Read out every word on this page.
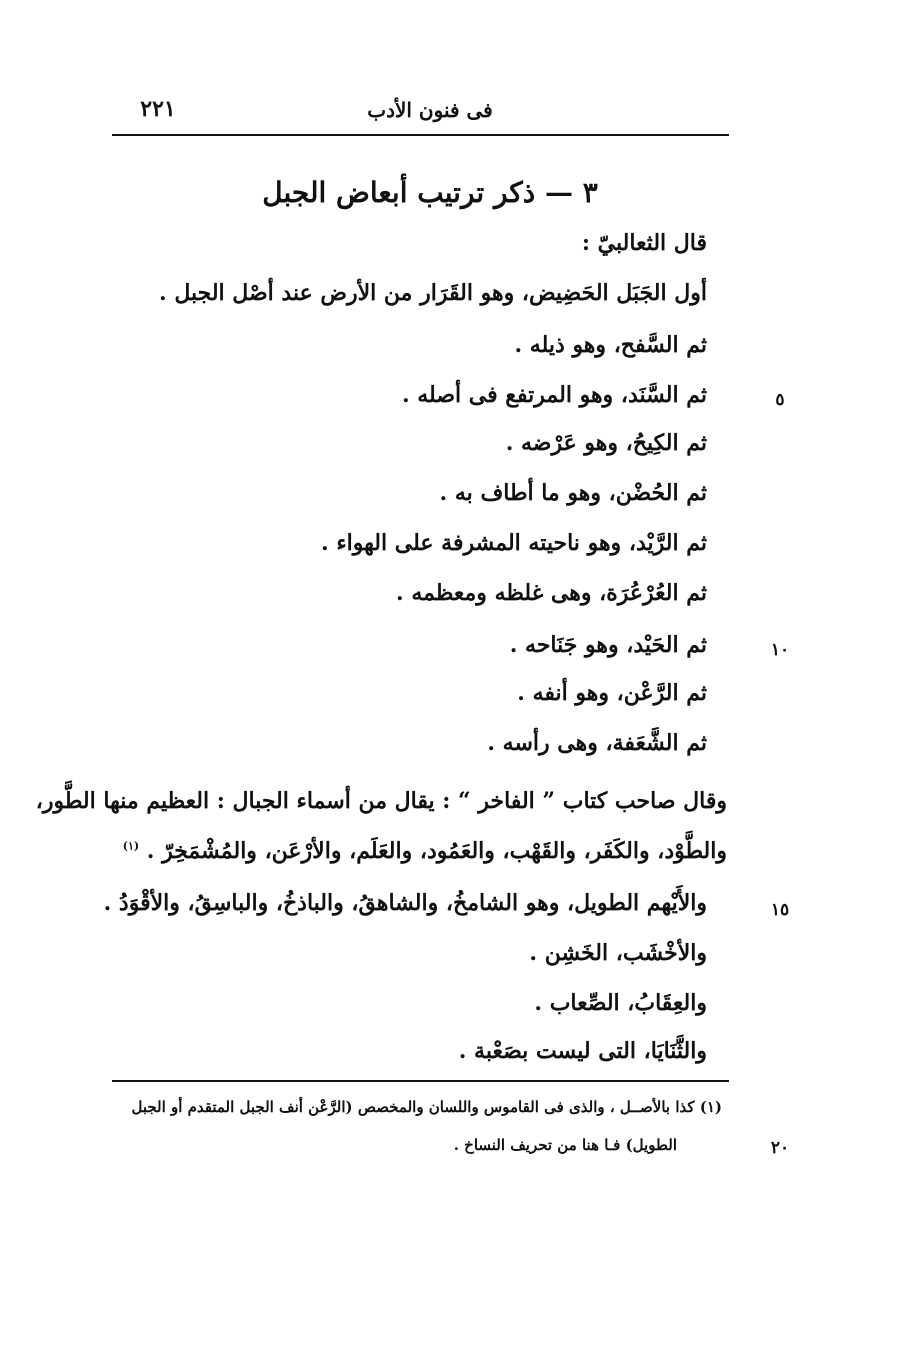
فى فنون الأدب
٢٢١
٣ — ذكر ترتيب أبعاض الجبل
قال الثعالبيّ :
أول الجَبَل الحَضِيض، وهو القَرَار من الأرض عند أصْل الجبل .
ثم السَّفح، وهو ذيله .
ثم السَّنَد، وهو المرتفع فى أصله .
ثم الكِيحُ، وهو عَرْضه .
ثم الحُضْن، وهو ما أطاف به .
ثم الرَّيْد، وهو ناحيته المشرفة على الهواء .
ثم العُرْعُرَة، وهى غلظه ومعظمه .
ثم الحَيْد، وهو جَنَاحه .
ثم الرَّعْن، وهو أنفه .
ثم الشَّعَفة، وهى رأسه .
وقال صاحب كتاب ” الفاخر “ : يقال من أسماء الجبال : العظيم منها الطَّور،
والطَّوْد، والكَفَر، والقَهْب، والعَمُود، والعَلَم، والأرْعَن، والمُشْمَخِرّ . $^{(١)}$
والأَيْهم الطويل، وهو الشامخُ، والشاهقُ، والباذخُ، والباسِقُ، والأقْوَدُ .
والأخْشَب، الخَشِن .
والعِقَابُ، الصِّعاب .
والثَّنَايَا، التى ليست بصَعْبة .
٥
١٠
١٥
٢٠
(١) كذا بالأصــل ، والذى فى القاموس واللسان والمخصص (الرَّعْن أنف الجبل المتقدم أو الجبل
الطويل) فـا هنا من تحريف النساخ .
